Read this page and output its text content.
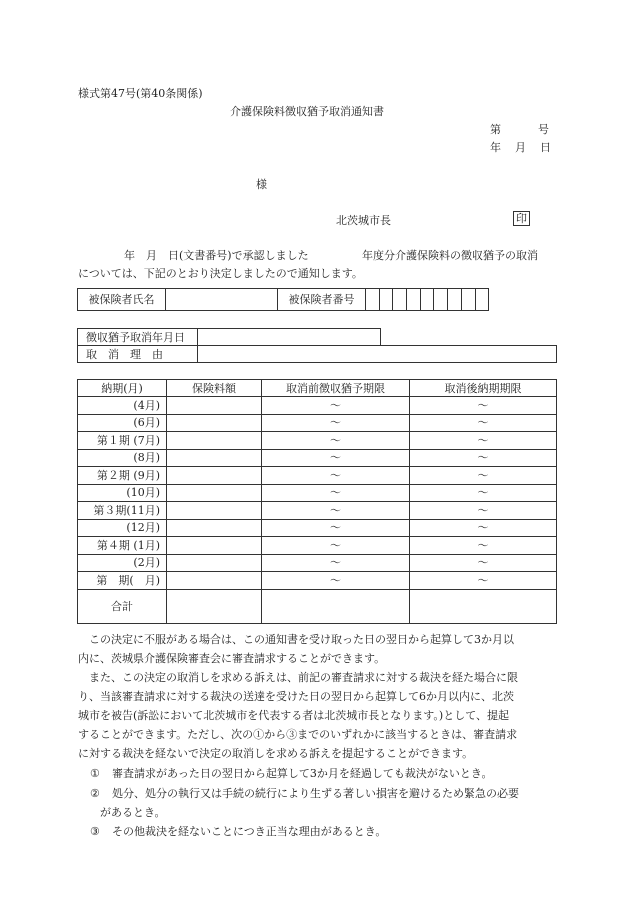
様式第47号(第40条関係)
介護保険料徴収猶予取消通知書
第	号
年 月 日
様
北茨城市長	印
年　月　日(文書番号)で承認しました	年度分介護保険料の徴収猶予の取消
については、下記のとおり決定しましたので通知します。
被保険者氏名		被保険者番号									
徴収猶予取消年月日		

取　消　理　由		

納期(月)	保険料額	取消前徴収猶予期限	取消後納期期限
(4月)		～	～
(6月)		～	～
第１期 (7月)		～	～
(8月)		～	～
第２期 (9月)		～	～
(10月)		～	～
第３期(11月)		～	～
(12月)		～	～
第４期 (1月)		～	～
(2月)		～	～
第　期(　月)		～	～
合計			

この決定に不服がある場合は、この通知書を受け取った日の翌日から起算して3か月以

内に、茨城県介護保険審査会に審査請求することができます。

また、この決定の取消しを求める訴えは、前記の審査請求に対する裁決を経た場合に限

り、当該審査請求に対する裁決の送達を受けた日の翌日から起算して6か月以内に、北茨

城市を被告(訴訟において北茨城市を代表する者は北茨城市長となります。)として、提起

することができます。ただし、次の①から③までのいずれかに該当するときは、審査請求

に対する裁決を経ないで決定の取消しを求める訴えを提起することができます。

① 審査請求があった日の翌日から起算して3か月を経過しても裁決がないとき。
② 処分、処分の執行又は手続の続行により生ずる著しい損害を避けるため緊急の必要
があるとき。
③ その他裁決を経ないことにつき正当な理由があるとき。
